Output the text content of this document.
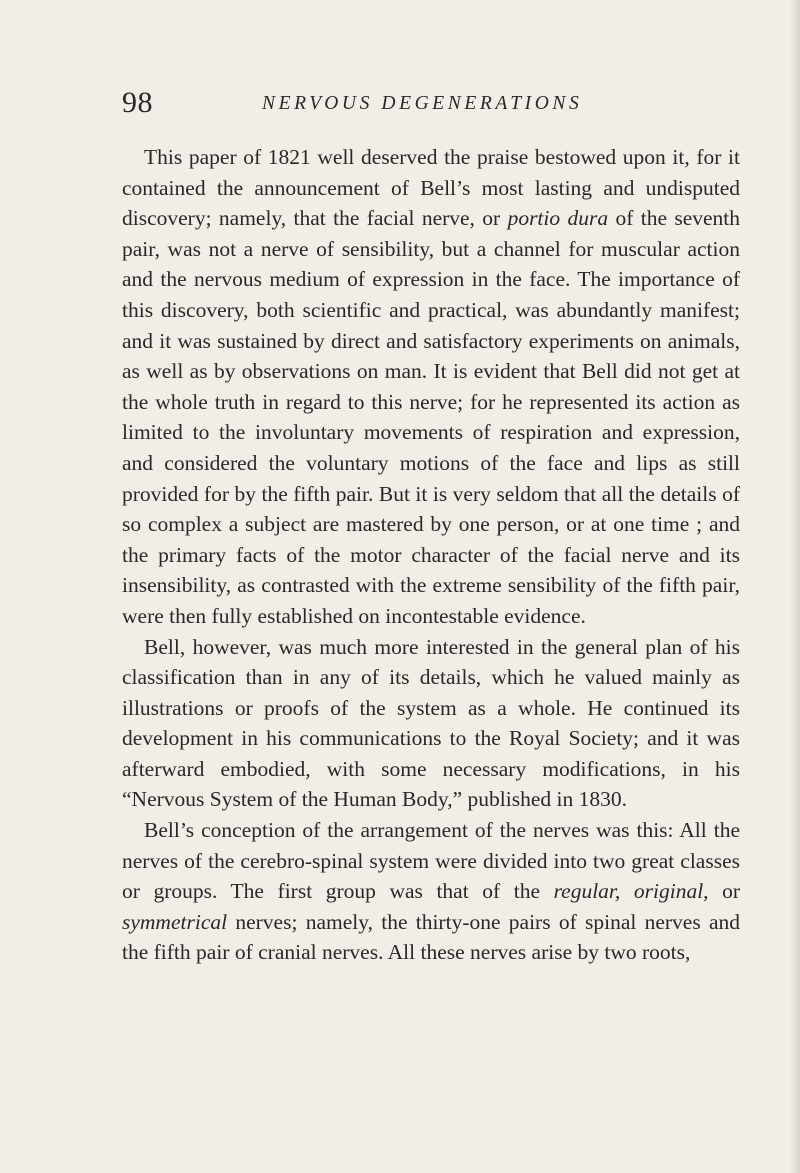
98	NERVOUS DEGENERATIONS

This paper of 1821 well deserved the praise bestowed upon it, for it contained the announcement of Bell’s most lasting and undisputed discovery; namely, that the facial nerve, or portio dura of the seventh pair, was not a nerve of sensibility, but a channel for muscular action and the nervous medium of expression in the face. The importance of this discovery, both scientific and practical, was abundantly manifest; and it was sustained by direct and satisfactory experiments on animals, as well as by observations on man. It is evident that Bell did not get at the whole truth in regard to this nerve; for he represented its action as limited to the involuntary movements of respiration and expression, and considered the voluntary motions of the face and lips as still provided for by the fifth pair. But it is very seldom that all the details of so complex a subject are mastered by one person, or at one time ; and the primary facts of the motor character of the facial nerve and its insensibility, as contrasted with the extreme sensibility of the fifth pair, were then fully established on incontestable evidence.

Bell, however, was much more interested in the general plan of his classification than in any of its details, which he valued mainly as illustrations or proofs of the system as a whole. He continued its development in his communications to the Royal Society; and it was afterward embodied, with some necessary modifications, in his “Nervous System of the Human Body,” published in 1830.

Bell’s conception of the arrangement of the nerves was this: All the nerves of the cerebro-spinal system were divided into two great classes or groups. The first group was that of the regular, original, or symmetrical nerves; namely, the thirty-one pairs of spinal nerves and the fifth pair of cranial nerves. All these nerves arise by two roots,
